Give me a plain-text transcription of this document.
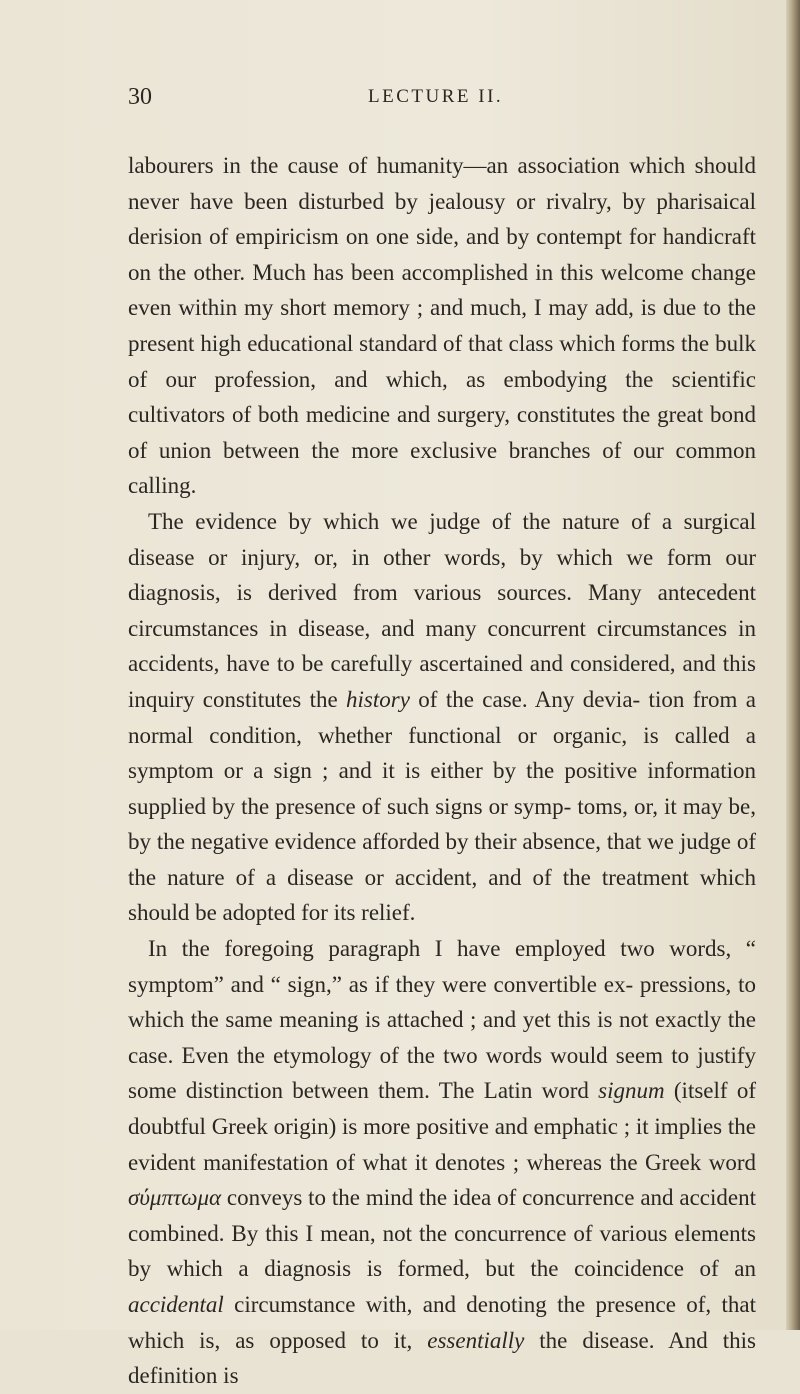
30	LECTURE II.

labourers in the cause of humanity—an association which should never have been disturbed by jealousy or rivalry, by pharisaical derision of empiricism on one side, and by contempt for handicraft on the other. Much has been accomplished in this welcome change even within my short memory ; and much, I may add, is due to the present high educational standard of that class which forms the bulk of our profession, and which, as embodying the scientific cultivators of both medicine and surgery, constitutes the great bond of union between the more exclusive branches of our common calling.

The evidence by which we judge of the nature of a surgical disease or injury, or, in other words, by which we form our diagnosis, is derived from various sources. Many antecedent circumstances in disease, and many concurrent circumstances in accidents, have to be carefully ascertained and considered, and this inquiry constitutes the history of the case. Any devia- tion from a normal condition, whether functional or organic, is called a symptom or a sign ; and it is either by the positive information supplied by the presence of such signs or symp- toms, or, it may be, by the negative evidence afforded by their absence, that we judge of the nature of a disease or accident, and of the treatment which should be adopted for its relief.

In the foregoing paragraph I have employed two words, “ symptom” and “ sign,” as if they were convertible ex- pressions, to which the same meaning is attached ; and yet this is not exactly the case. Even the etymology of the two words would seem to justify some distinction between them. The Latin word signum (itself of doubtful Greek origin) is more positive and emphatic ; it implies the evident manifestation of what it denotes ; whereas the Greek word σύμπτωμα conveys to the mind the idea of concurrence and accident combined. By this I mean, not the concurrence of various elements by which a diagnosis is formed, but the coincidence of an accidental circumstance with, and denoting the presence of, that which is, as opposed to it, essentially the disease. And this definition is
